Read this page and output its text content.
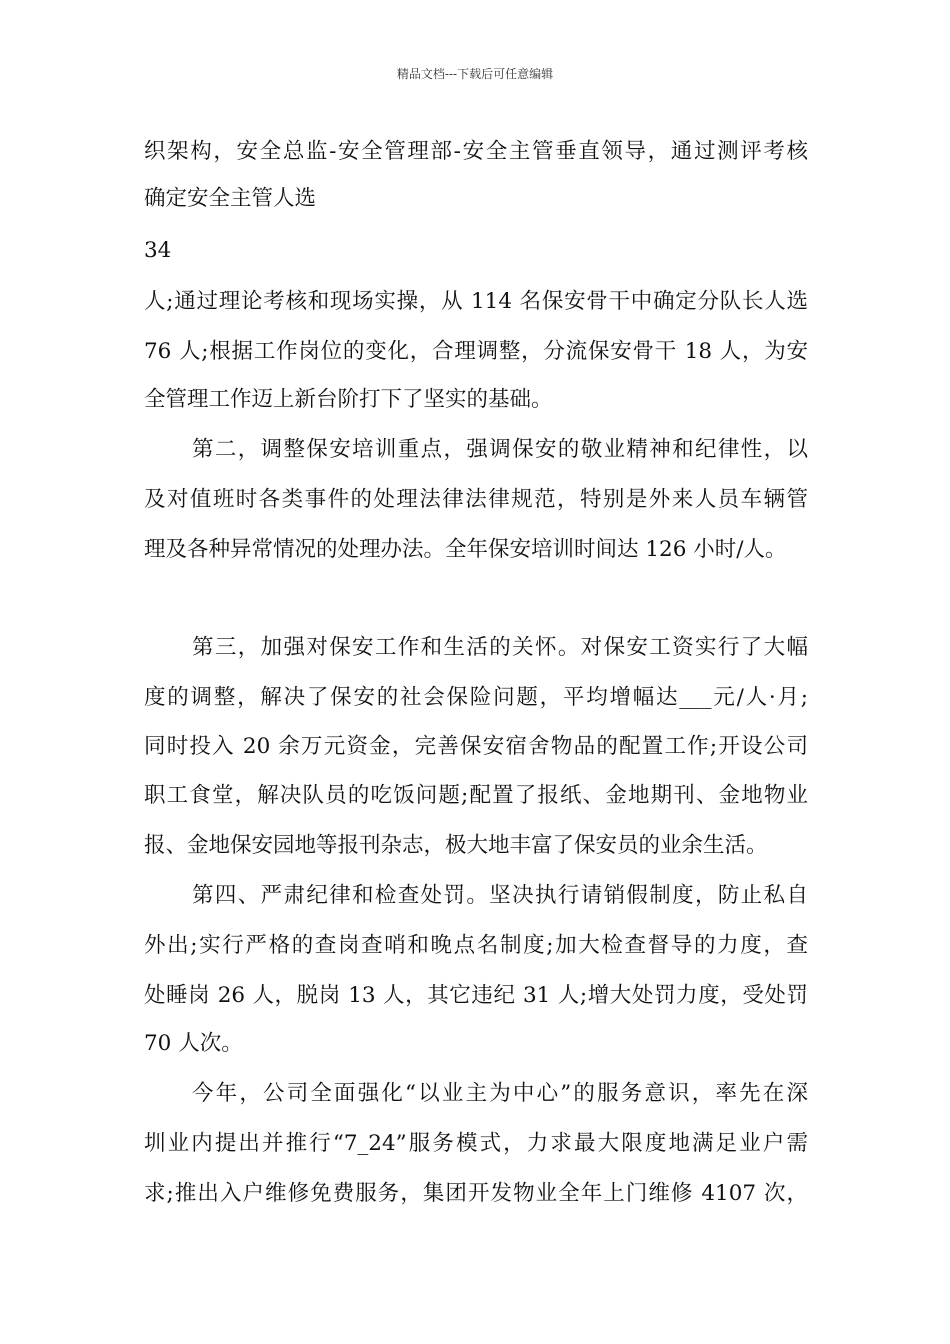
精品文档---下载后可任意编辑
织架构，安全总监-安全管理部-安全主管垂直领导，通过测评考核
确定安全主管人选
34
人;通过理论考核和现场实操，从 114 名保安骨干中确定分队长人选
76 人;根据工作岗位的变化，合理调整，分流保安骨干 18 人，为安
全管理工作迈上新台阶打下了坚实的基础。
第二，调整保安培训重点，强调保安的敬业精神和纪律性，以
及对值班时各类事件的处理法律法律规范，特别是外来人员车辆管
理及各种异常情况的处理办法。全年保安培训时间达 126 小时/人。
第三，加强对保安工作和生活的关怀。对保安工资实行了大幅
度的调整，解决了保安的社会保险问题，平均增幅达___元/人·月;
同时投入 20 余万元资金，完善保安宿舍物品的配置工作;开设公司
职工食堂，解决队员的吃饭问题;配置了报纸、金地期刊、金地物业
报、金地保安园地等报刊杂志，极大地丰富了保安员的业余生活。
第四、严肃纪律和检查处罚。坚决执行请销假制度，防止私自
外出;实行严格的查岗查哨和晚点名制度;加大检查督导的力度，查
处睡岗 26 人，脱岗 13 人，其它违纪 31 人;增大处罚力度，受处罚
70 人次。
今年，公司全面强化“以业主为中心”的服务意识，率先在深
圳业内提出并推行“7_24”服务模式，力求最大限度地满足业户需
求;推出入户维修免费服务，集团开发物业全年上门维修 4107 次，
